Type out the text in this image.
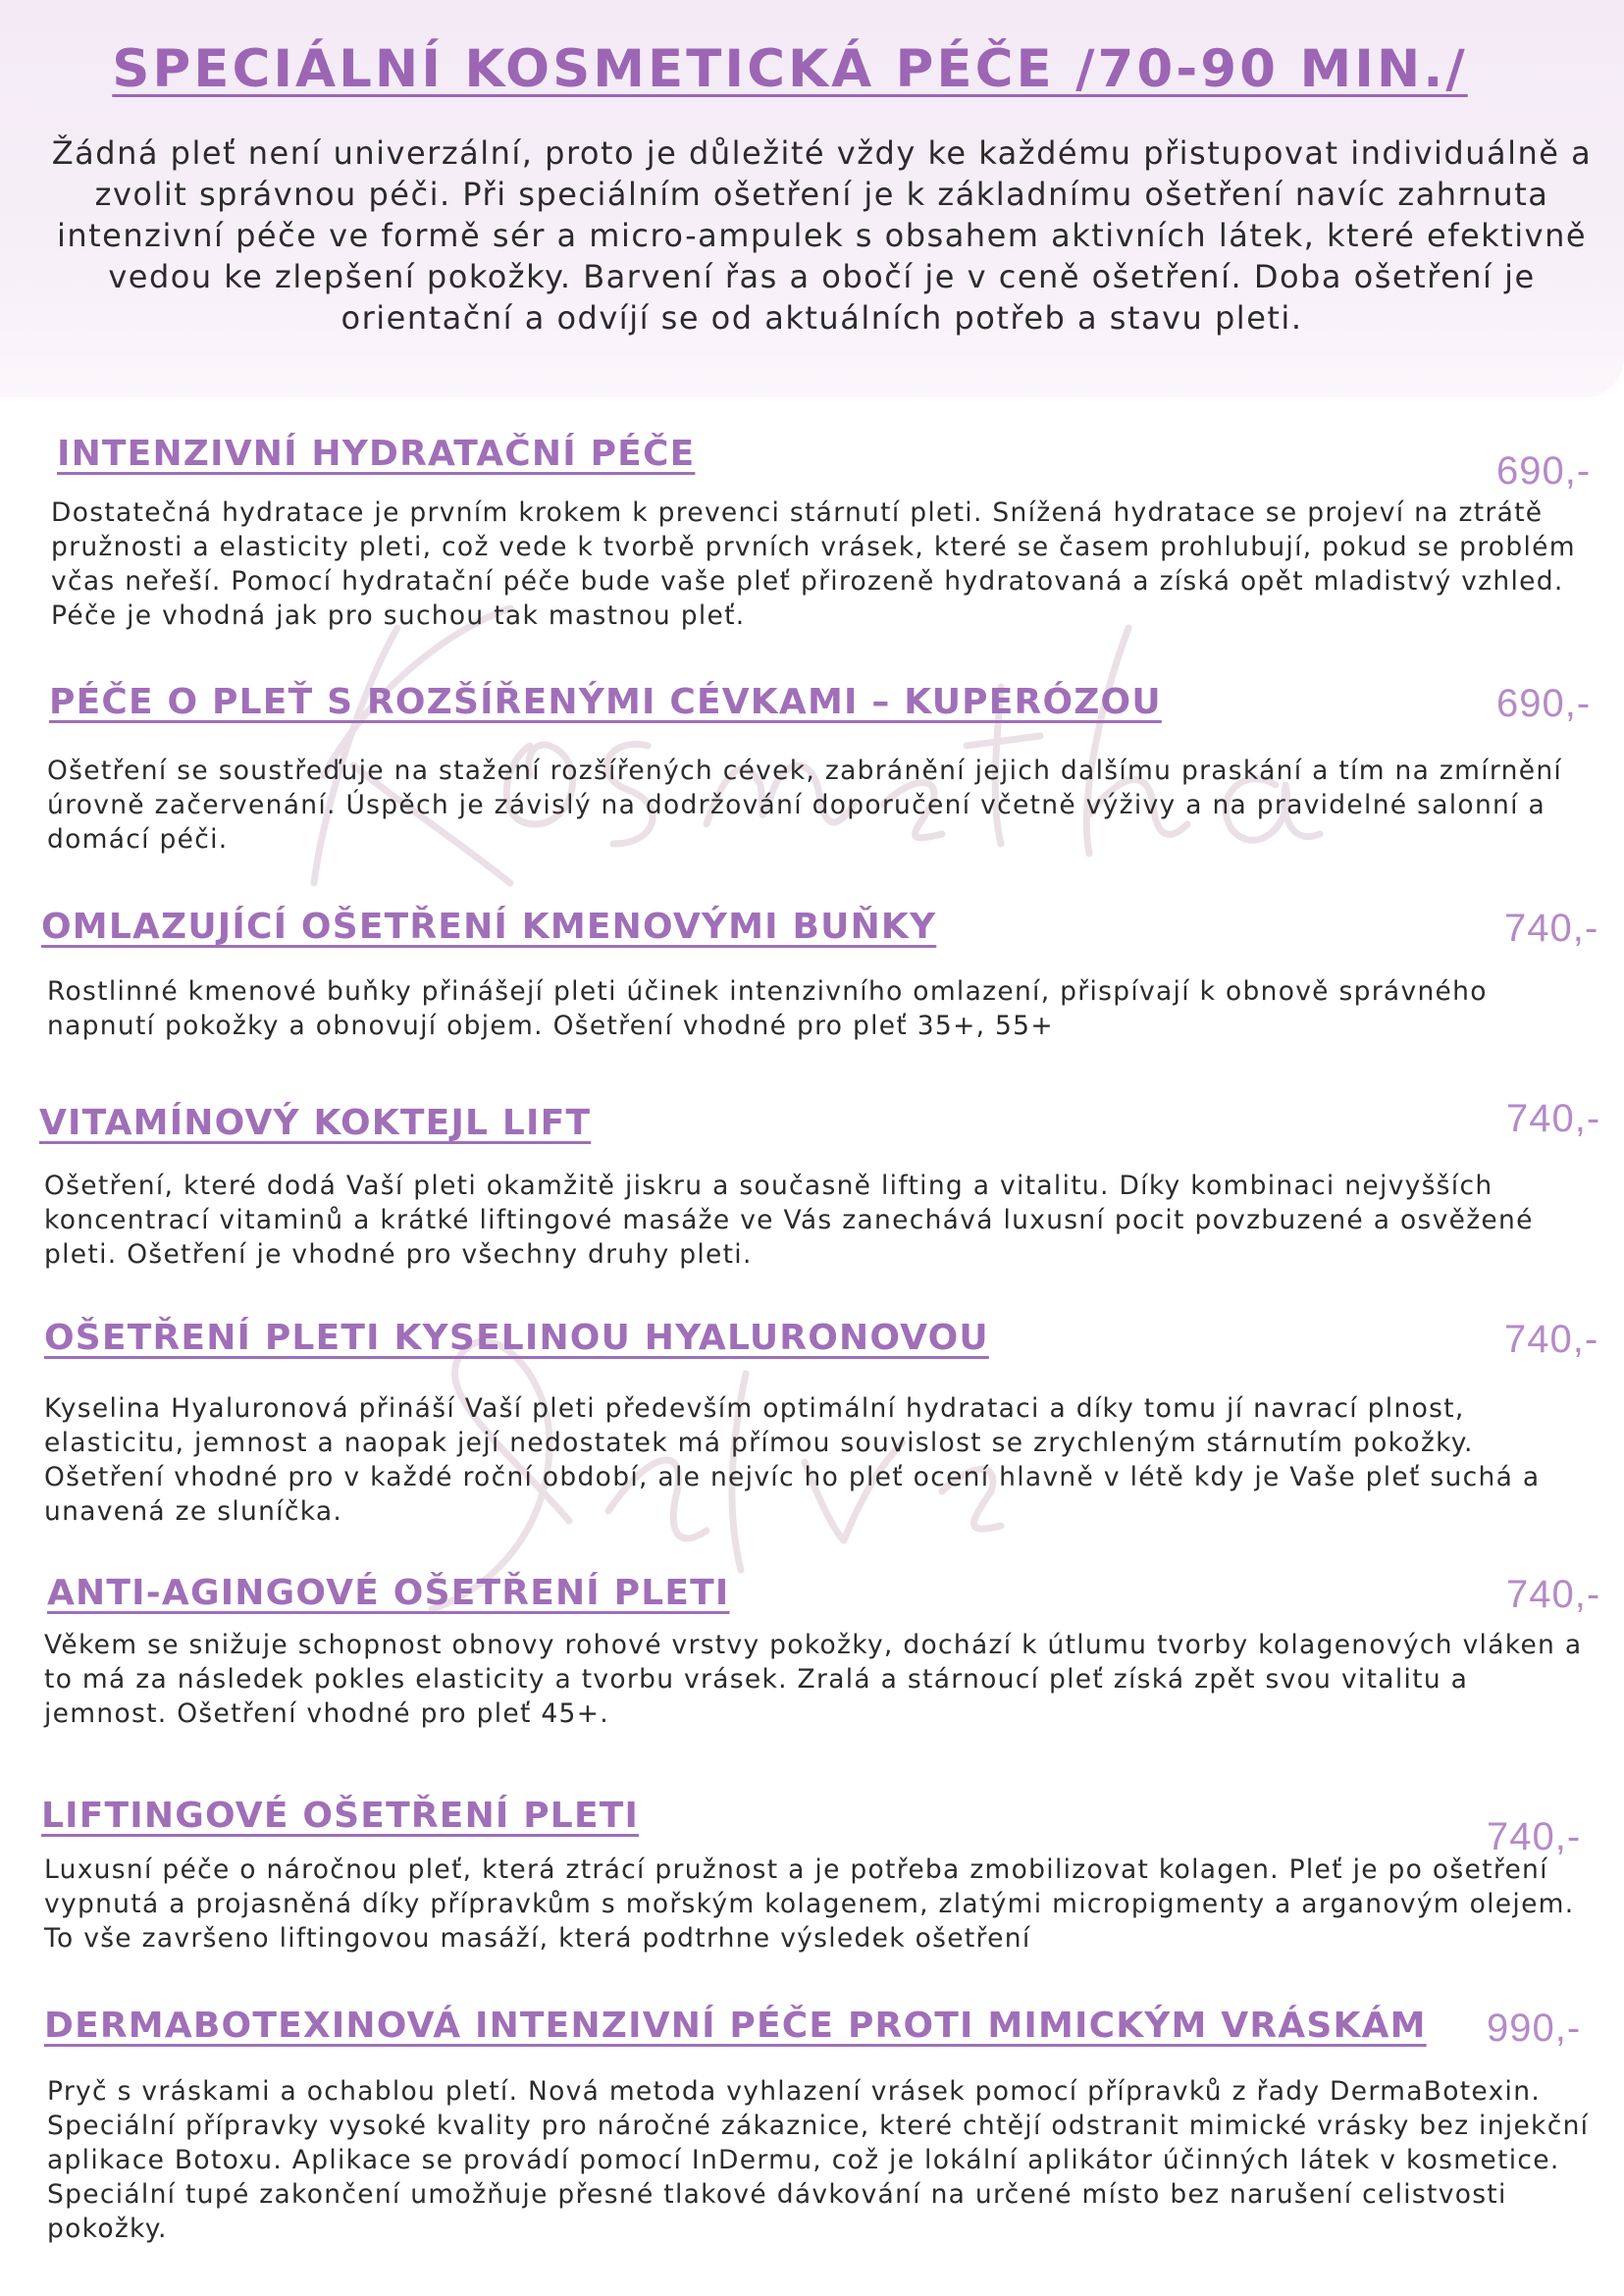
SPECIÁLNÍ KOSMETICKÁ PÉČE /70-90 MIN./
Žádná pleť není univerzální, proto je důležité vždy ke každému přistupovat individuálně a zvolit správnou péči. Při speciálním ošetření je k základnímu ošetření navíc zahrnuta intenzivní péče ve formě sér a micro-ampulek s obsahem aktivních látek, které efektivně vedou ke zlepšení pokožky. Barvení řas a obočí je v ceně ošetření. Doba ošetření je orientační a odvíjí se od aktuálních potřeb a stavu pleti.
INTENZIVNÍ HYDRATAČNÍ PÉČE	690,-

Dostatečná hydratace je prvním krokem k prevenci stárnutí pleti. Snížená hydratace se projeví na ztrátě pružnosti a elasticity pleti, což vede k tvorbě prvních vrásek, které se časem prohlubují, pokud se problém včas neřeší. Pomocí hydratační péče bude vaše pleť přirozeně hydratovaná a získá opět mladistvý vzhled. Péče je vhodná jak pro suchou tak mastnou pleť.

PÉČE O PLEŤ S ROZŠÍŘENÝMI CÉVKAMI – KUPERÓZOU	690,-

Ošetření se soustřeďuje na stažení rozšířených cévek, zabránění jejich dalšímu praskání a tím na zmírnění úrovně začervenání. Úspěch je závislý na dodržování doporučení včetně výživy a na pravidelné salonní a domácí péči.

OMLAZUJÍCÍ OŠETŘENÍ KMENOVÝMI BUŇKY	740,-

Rostlinné kmenové buňky přinášejí pleti účinek intenzivního omlazení, přispívají k obnově správného napnutí pokožky a obnovují objem. Ošetření vhodné pro pleť 35+, 55+

VITAMÍNOVÝ KOKTEJL LIFT	740,-

Ošetření, které dodá Vaší pleti okamžitě jiskru a současně lifting a vitalitu. Díky kombinaci nejvyšších koncentrací vitaminů a krátké liftingové masáže ve Vás zanechává luxusní pocit povzbuzené a osvěžené pleti. Ošetření je vhodné pro všechny druhy pleti.

OŠETŘENÍ PLETI KYSELINOU HYALURONOVOU	740,-

Kyselina Hyaluronová přináší Vaší pleti především optimální hydrataci a díky tomu jí navrací plnost, elasticitu, jemnost a naopak její nedostatek má přímou souvislost se zrychleným stárnutím pokožky. Ošetření vhodné pro v každé roční období, ale nejvíc ho pleť ocení hlavně v létě kdy je Vaše pleť suchá a unavená ze sluníčka.

ANTI-AGINGOVÉ OŠETŘENÍ PLETI	740,-

Věkem se snižuje schopnost obnovy rohové vrstvy pokožky, dochází k útlumu tvorby kolagenových vláken a to má za následek pokles elasticity a tvorbu vrásek. Zralá a stárnoucí pleť získá zpět svou vitalitu a jemnost. Ošetření vhodné pro pleť 45+.

LIFTINGOVÉ OŠETŘENÍ PLETI	740,-

Luxusní péče o náročnou pleť, která ztrácí pružnost a je potřeba zmobilizovat kolagen. Pleť je po ošetření vypnutá a projasněná díky přípravkům s mořským kolagenem, zlatými micropigmenty a arganovým olejem. To vše završeno liftingovou masáží, která podtrhne výsledek ošetření

DERMABOTEXINOVÁ INTENZIVNÍ PÉČE PROTI MIMICKÝM VRÁSKÁM 990,-

Pryč s vráskami a ochablou pletí. Nová metoda vyhlazení vrásek pomocí přípravků z řady DermaBotexin. Speciální přípravky vysoké kvality pro náročné zákaznice, které chtějí odstranit mimické vrásky bez injekční aplikace Botoxu. Aplikace se provádí pomocí InDermu, což je lokální aplikátor účinných látek v kosmetice. Speciální tupé zakončení umožňuje přesné tlakové dávkování na určené místo bez narušení celistvosti pokožky.
